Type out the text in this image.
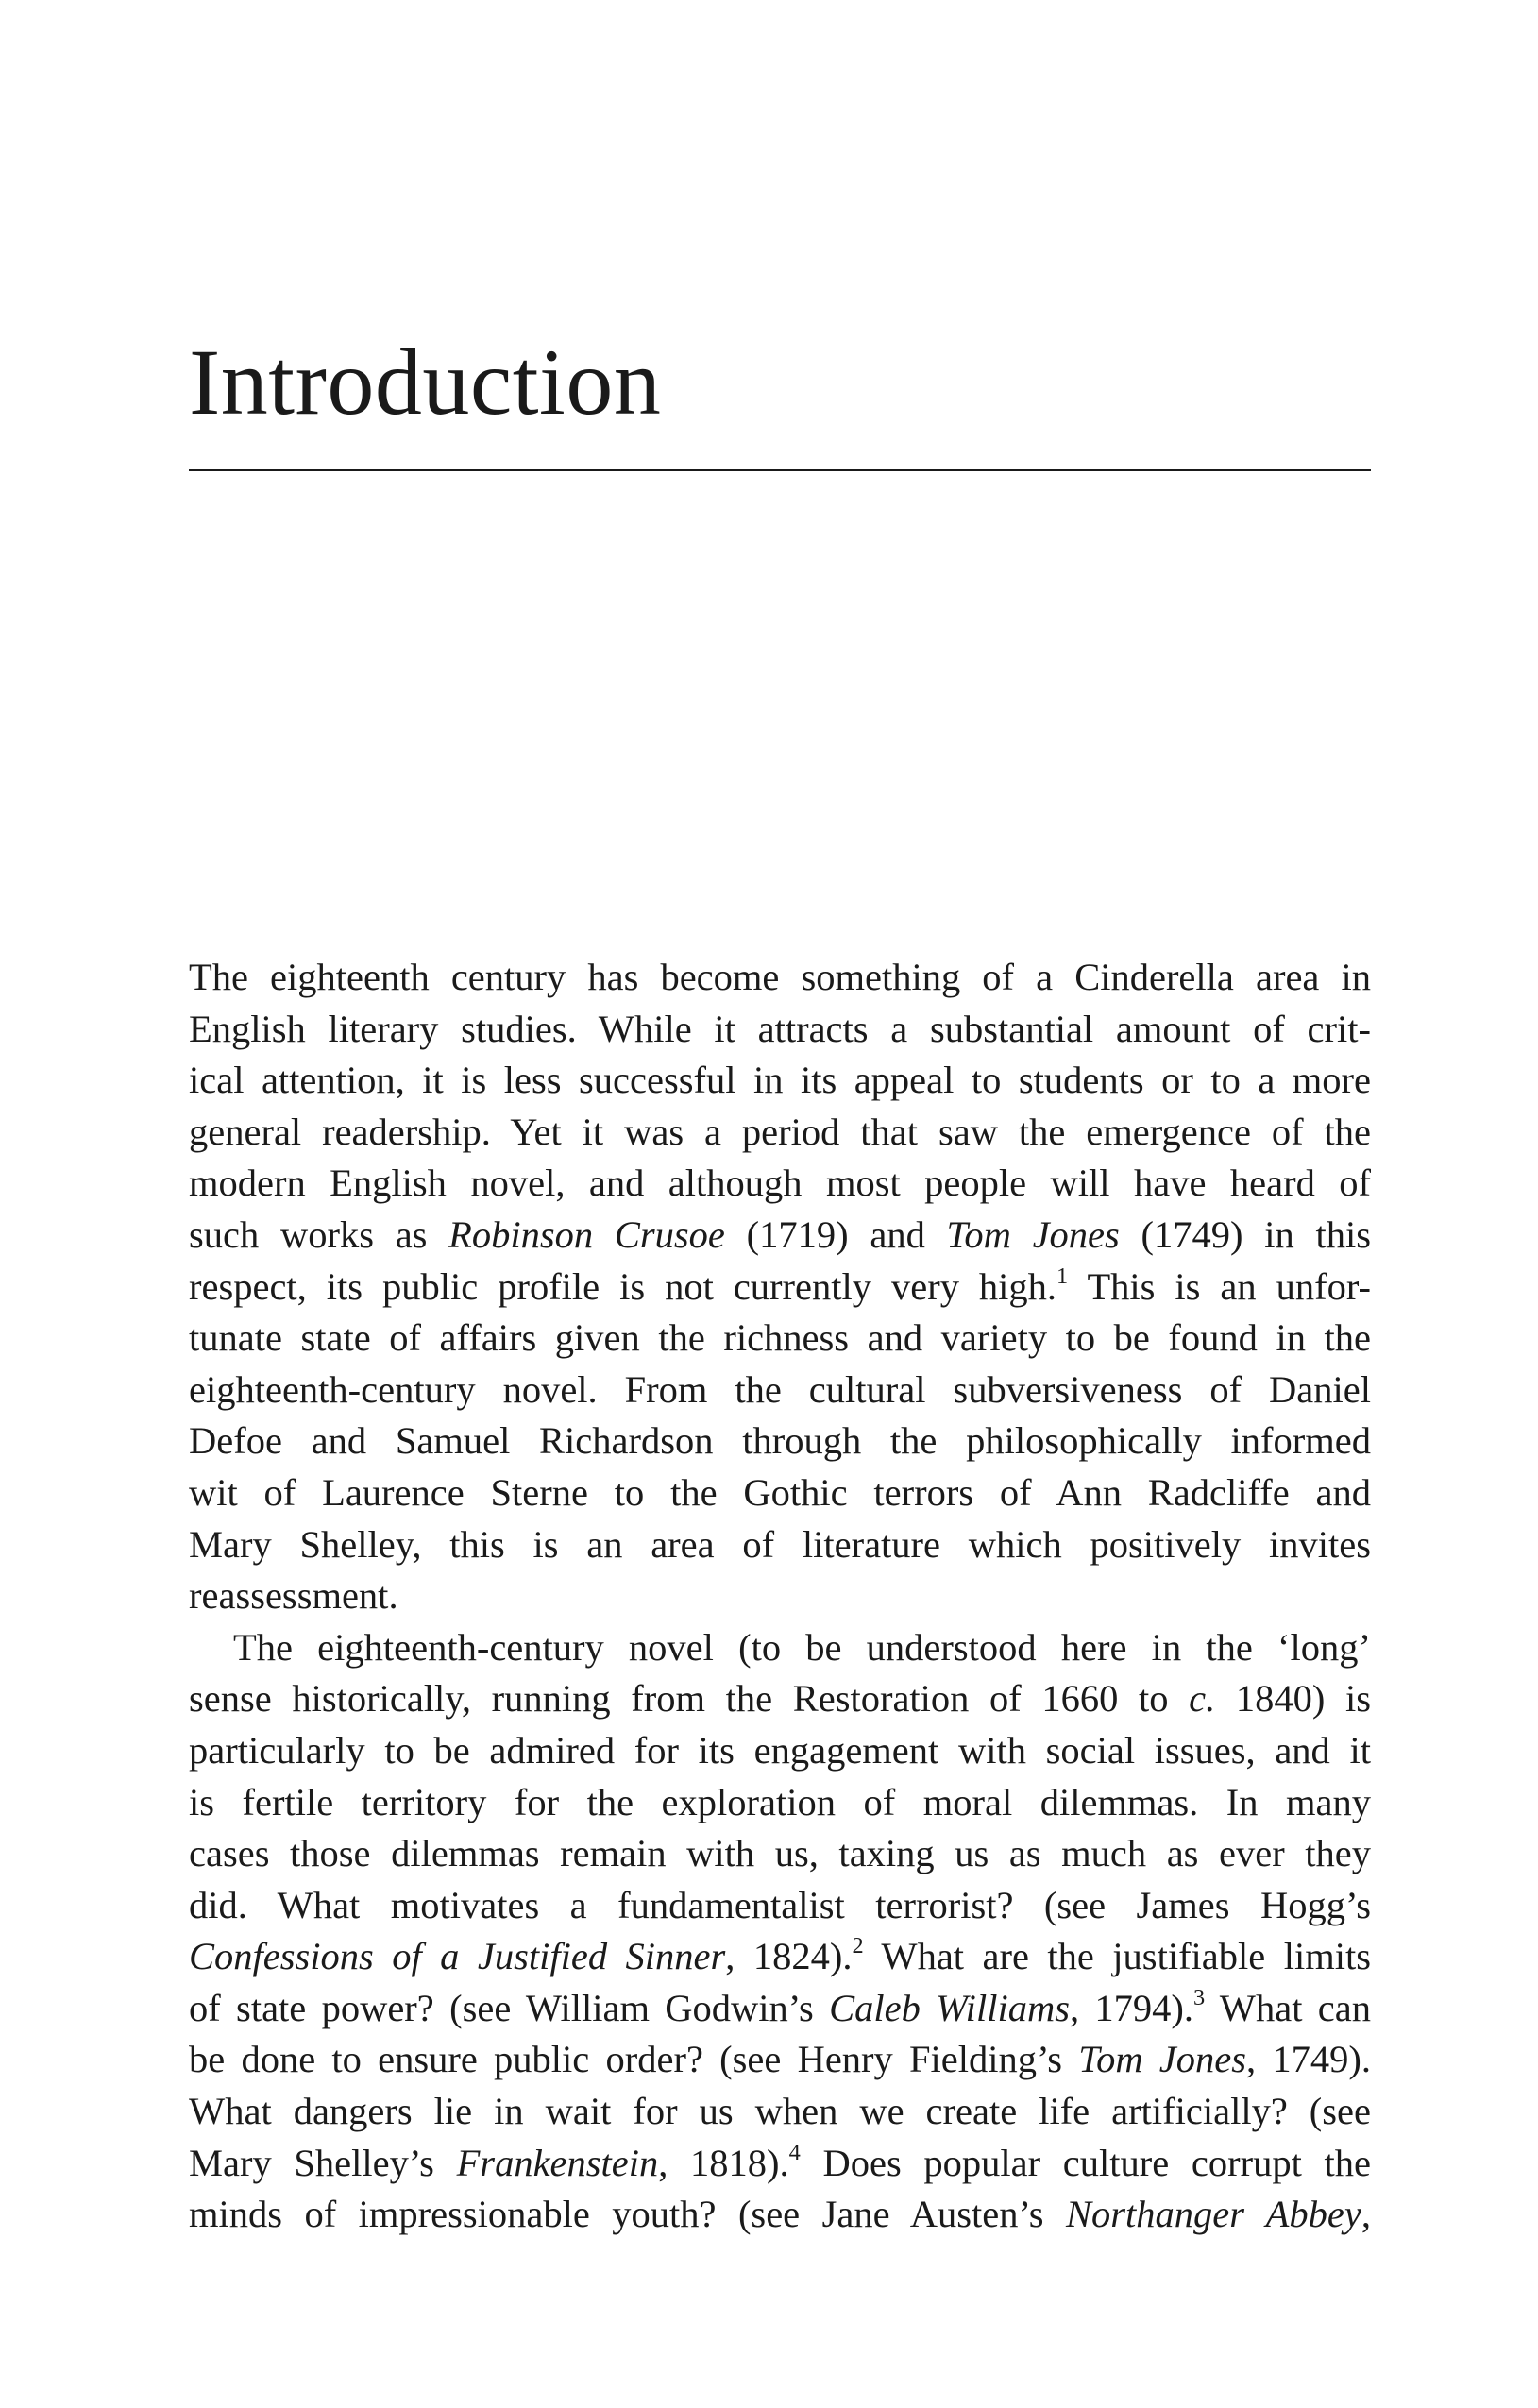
Introduction
The eighteenth century has become something of a Cinderella area in
English literary studies. While it attracts a substantial amount of crit-
ical attention, it is less successful in its appeal to students or to a more
general readership. Yet it was a period that saw the emergence of the
modern English novel, and although most people will have heard of
such works as Robinson Crusoe (1719) and Tom Jones (1749) in this
respect, its public profile is not currently very high.$^1$ This is an unfor-
tunate state of affairs given the richness and variety to be found in the
eighteenth-century novel. From the cultural subversiveness of Daniel
Defoe and Samuel Richardson through the philosophically informed
wit of Laurence Sterne to the Gothic terrors of Ann Radcliffe and
Mary Shelley, this is an area of literature which positively invites
reassessment.
The eighteenth-century novel (to be understood here in the ‘long’
sense historically, running from the Restoration of 1660 to c. 1840) is
particularly to be admired for its engagement with social issues, and it
is fertile territory for the exploration of moral dilemmas. In many
cases those dilemmas remain with us, taxing us as much as ever they
did. What motivates a fundamentalist terrorist? (see James Hogg’s
Confessions of a Justified Sinner, 1824).$^2$ What are the justifiable limits
of state power? (see William Godwin’s Caleb Williams, 1794).$^3$ What can
be done to ensure public order? (see Henry Fielding’s Tom Jones, 1749).
What dangers lie in wait for us when we create life artificially? (see
Mary Shelley’s Frankenstein, 1818).$^4$ Does popular culture corrupt the
minds of impressionable youth? (see Jane Austen’s Northanger Abbey,
